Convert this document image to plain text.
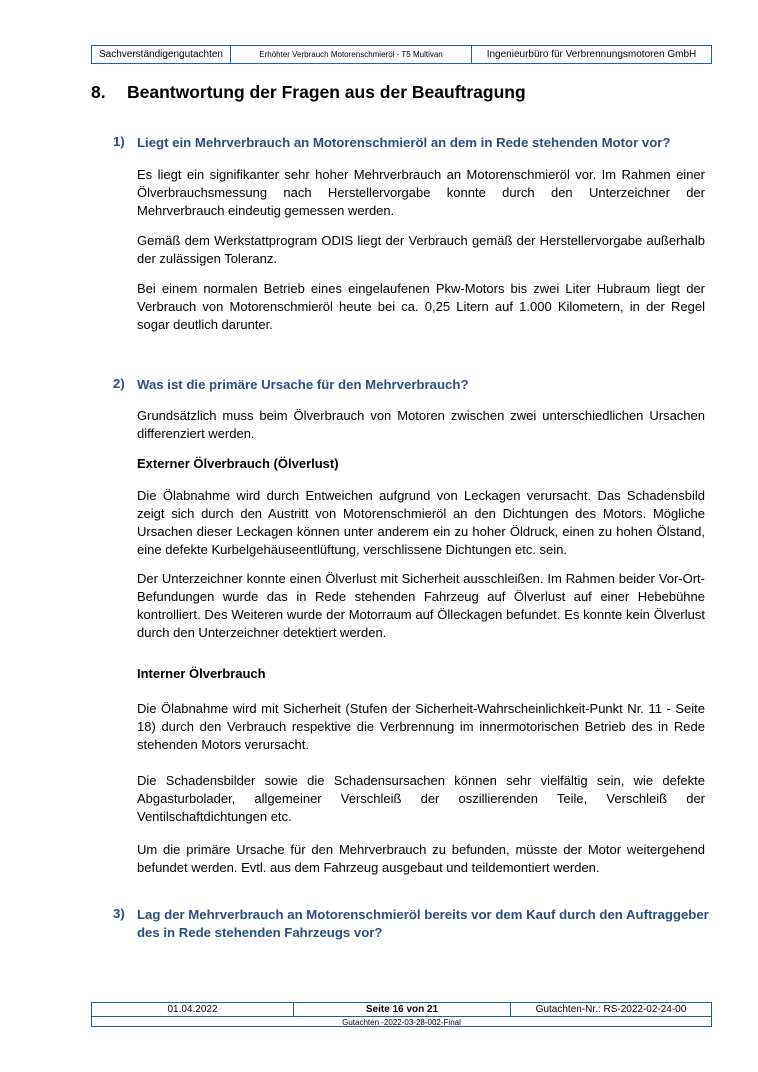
Sachverständigengutachten	Erhöhter Verbrauch Motorenschmieröl - T5 Multivan	Ingenieurbüro für Verbrennungsmotoren GmbH
8.	Beantwortung der Fragen aus der Beauftragung
1) Liegt ein Mehrverbrauch an Motorenschmieröl an dem in Rede stehenden Motor vor?

Es liegt ein signifikanter sehr hoher Mehrverbrauch an Motorenschmieröl vor. Im Rahmen einer Ölverbrauchsmessung nach Herstellervorgabe konnte durch den Unterzeichner der Mehrverbrauch eindeutig gemessen werden.

Gemäß dem Werkstattprogram ODIS liegt der Verbrauch gemäß der Herstellervorgabe außerhalb der zulässigen Toleranz.

Bei einem normalen Betrieb eines eingelaufenen Pkw-Motors bis zwei Liter Hubraum liegt der Verbrauch von Motorenschmieröl heute bei ca. 0,25 Litern auf 1.000 Kilometern, in der Regel sogar deutlich darunter.

2) Was ist die primäre Ursache für den Mehrverbrauch?

Grundsätzlich muss beim Ölverbrauch von Motoren zwischen zwei unterschiedlichen Ursachen differenziert werden.

Externer Ölverbrauch (Ölverlust)

Die Ölabnahme wird durch Entweichen aufgrund von Leckagen verursacht. Das Schadensbild zeigt sich durch den Austritt von Motorenschmieröl an den Dichtungen des Motors. Mögliche Ursachen dieser Leckagen können unter anderem ein zu hoher Öldruck, einen zu hohen Ölstand, eine defekte Kurbelgehäuseentlüftung, verschlissene Dichtungen etc. sein.

Der Unterzeichner konnte einen Ölverlust mit Sicherheit ausschleißen. Im Rahmen beider Vor-Ort-Befundungen wurde das in Rede stehenden Fahrzeug auf Ölverlust auf einer Hebebühne kontrolliert. Des Weiteren wurde der Motorraum auf Ölleckagen befundet. Es konnte kein Ölverlust durch den Unterzeichner detektiert werden.

Interner Ölverbrauch

Die Ölabnahme wird mit Sicherheit (Stufen der Sicherheit-Wahrscheinlichkeit-Punkt Nr. 11 - Seite 18) durch den Verbrauch respektive die Verbrennung im innermotorischen Betrieb des in Rede stehenden Motors verursacht.

Die Schadensbilder sowie die Schadensursachen können sehr vielfältig sein, wie defekte Abgasturbolader, allgemeiner Verschleiß der oszillierenden Teile, Verschleiß der Ventilschaftdichtungen etc.

Um die primäre Ursache für den Mehrverbrauch zu befunden, müsste der Motor weitergehend befundet werden. Evtl. aus dem Fahrzeug ausgebaut und teildemontiert werden.

3) Lag der Mehrverbrauch an Motorenschmieröl bereits vor dem Kauf durch den Auftraggeber des in Rede stehenden Fahrzeugs vor?
01.04.2022	Seite 16 von 21	Gutachten-Nr.: RS-2022-02-24-00
Gutachten -2022-03-28-002-Final
